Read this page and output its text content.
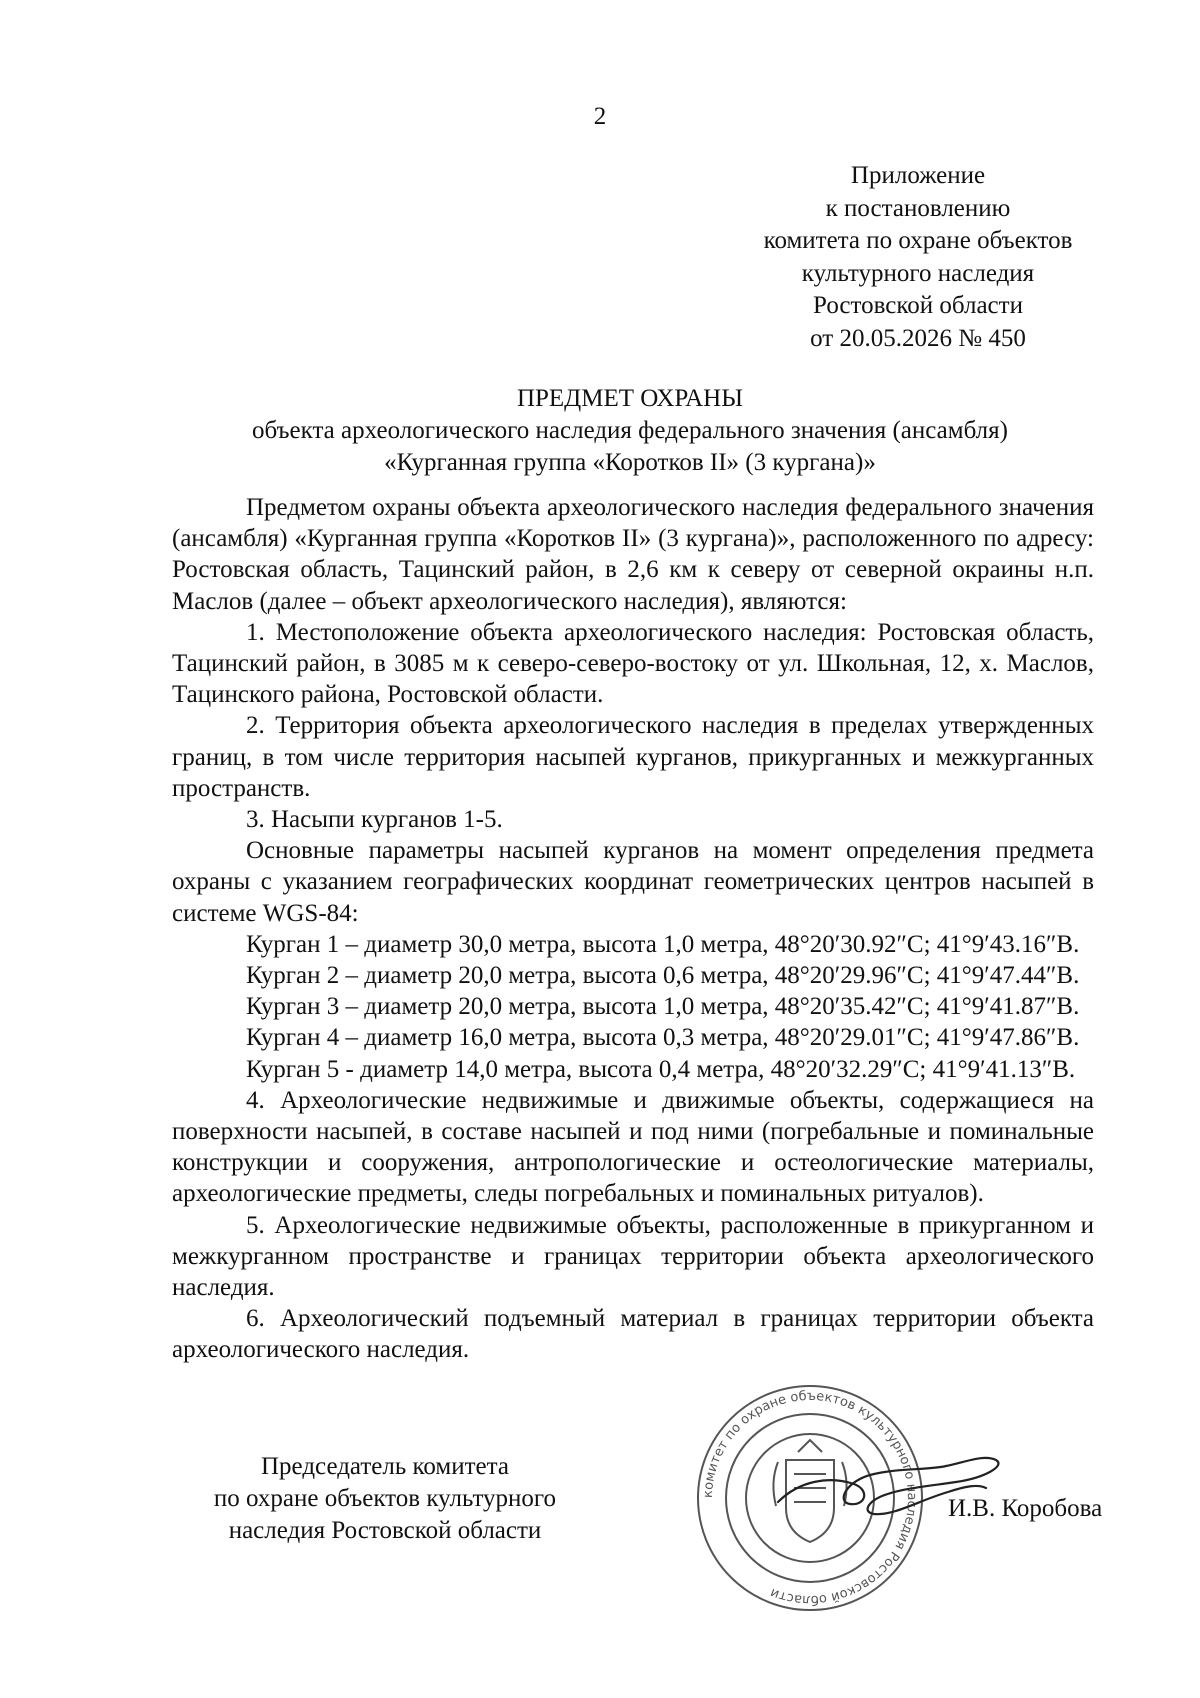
2
Приложение
к постановлению
комитета по охране объектов
культурного наследия
Ростовской области
от 20.05.2026 № 450
ПРЕДМЕТ ОХРАНЫ
объекта археологического наследия федерального значения (ансамбля)
«Курганная группа «Коротков II» (3 кургана)»

Предметом охраны объекта археологического наследия федерального значения (ансамбля) «Курганная группа «Коротков II» (3 кургана)», расположенного по адресу: Ростовская область, Тацинский район, в 2,6 км к северу от северной окраины н.п. Маслов (далее – объект археологического наследия), являются:

1. Местоположение объекта археологического наследия: Ростовская область, Тацинский район, в 3085 м к северо-северо-востоку от ул. Школьная, 12, х. Маслов, Тацинского района, Ростовской области.

2. Территория объекта археологического наследия в пределах утвержденных границ, в том числе территория насыпей курганов, прикурганных и межкурганных пространств.

3. Насыпи курганов 1-5.

Основные параметры насыпей курганов на момент определения предмета охраны с указанием географических координат геометрических центров насыпей в системе WGS-84:

Курган 1 – диаметр 30,0 метра, высота 1,0 метра, 48°20′30.92″С; 41°9′43.16″В.

Курган 2 – диаметр 20,0 метра, высота 0,6 метра, 48°20′29.96″С; 41°9′47.44″В.

Курган 3 – диаметр 20,0 метра, высота 1,0 метра, 48°20′35.42″С; 41°9′41.87″В.

Курган 4 – диаметр 16,0 метра, высота 0,3 метра, 48°20′29.01″С; 41°9′47.86″В.

Курган 5 - диаметр 14,0 метра, высота 0,4 метра, 48°20′32.29″С; 41°9′41.13″В.

4. Археологические недвижимые и движимые объекты, содержащиеся на поверхности насыпей, в составе насыпей и под ними (погребальные и поминальные конструкции и сооружения, антропологические и остеологические материалы, археологические предметы, следы погребальных и поминальных ритуалов).

5. Археологические недвижимые объекты, расположенные в прикурганном и межкурганном пространстве и границах территории объекта археологического наследия.

6. Археологический подъемный материал в границах территории объекта археологического наследия.

Председатель комитета
по охране объектов культурного
наследия Ростовской области
комитет по охране объектов культурного наследия Ростовской области
И.В. Коробова
